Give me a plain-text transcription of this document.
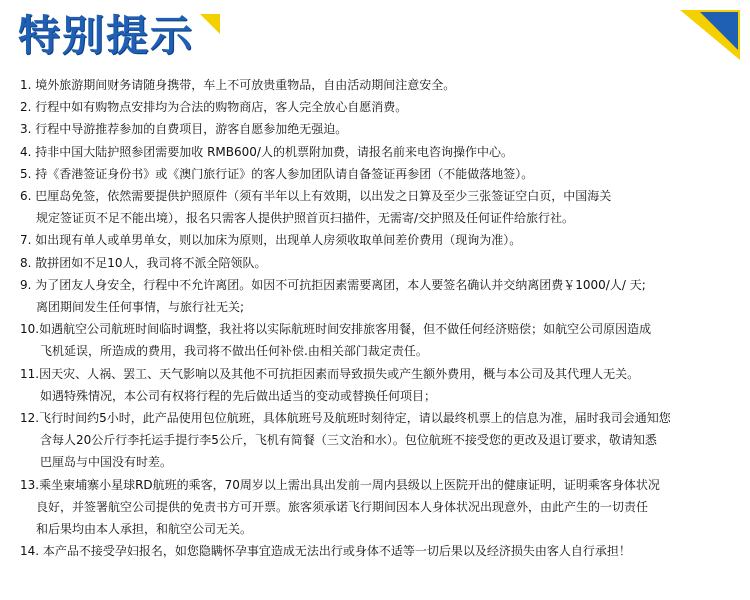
特别提示
1. 境外旅游期间财务请随身携带，车上不可放贵重物品，自由活动期间注意安全。
2. 行程中如有购物点安排均为合法的购物商店，客人完全放心自愿消费。
3. 行程中导游推荐参加的自费项目，游客自愿参加绝无强迫。
4. 持非中国大陆护照参团需要加收 RMB600/人的机票附加费，请报名前来电咨询操作中心。
5. 持《香港签证身份书》或《澳门旅行证》的客人参加团队请自备签证再参团（不能做落地签）。
6. 巴厘岛免签，依然需要提供护照原件（须有半年以上有效期，以出发之日算及至少三张签证空白页，中国海关
规定签证页不足不能出境），报名只需客人提供护照首页扫描件，无需寄/交护照及任何证件给旅行社。
7. 如出现有单人或单男单女，则以加床为原则，出现单人房须收取单间差价费用（现询为准）。
8. 散拼团如不足10人，我司将不派全陪领队。
9. 为了团友人身安全，行程中不允许离团。如因不可抗拒因素需要离团，本人要签名确认并交纳离团费￥1000/人/ 天;
离团期间发生任何事情，与旅行社无关;
10.如遇航空公司航班时间临时调整，我社将以实际航班时间安排旅客用餐，但不做任何经济赔偿；如航空公司原因造成
飞机延误，所造成的费用，我司将不做出任何补偿.由相关部门裁定责任。
11.因天灾、人祸、罢工、天气影响以及其他不可抗拒因素而导致损失或产生额外费用，概与本公司及其代理人无关。
如遇特殊情况，本公司有权将行程的先后做出适当的变动或替换任何项目；
12.飞行时间约5小时，此产品使用包位航班，具体航班号及航班时刻待定，请以最终机票上的信息为准，届时我司会通知您
含每人20公斤行李托运手提行李5公斤，飞机有简餐（三文治和水）。包位航班不接受您的更改及退订要求，敬请知悉
巴厘岛与中国没有时差。
13.乘坐柬埔寨小星球RD航班的乘客，70周岁以上需出具出发前一周内县级以上医院开出的健康证明，证明乘客身体状况
良好，并签署航空公司提供的免责书方可开票。旅客须承诺飞行期间因本人身体状况出现意外，由此产生的一切责任
和后果均由本人承担，和航空公司无关。
14. 本产品不接受孕妇报名，如您隐瞒怀孕事宜造成无法出行或身体不适等一切后果以及经济损失由客人自行承担！
